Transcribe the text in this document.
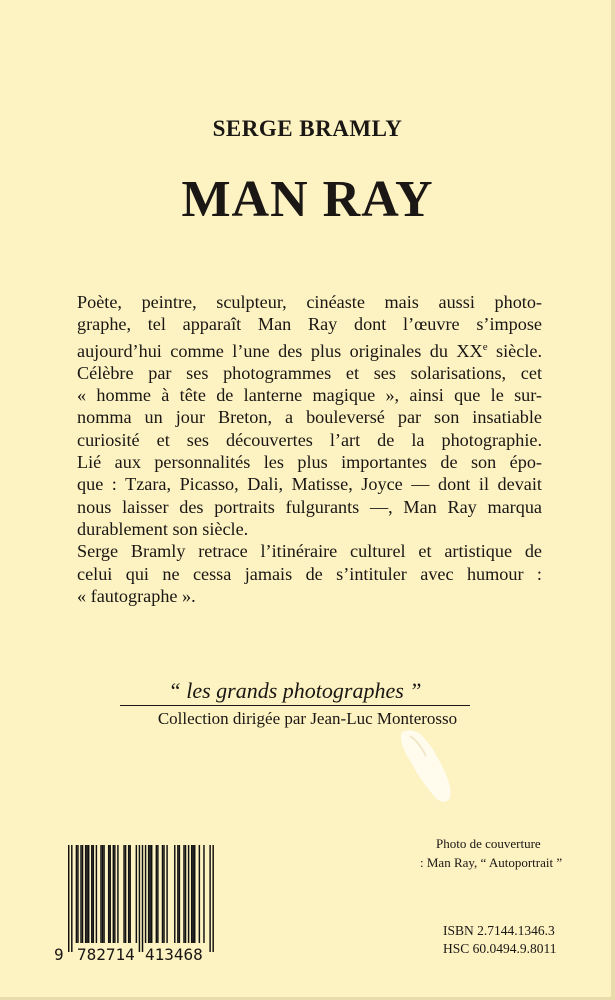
SERGE BRAMLY
MAN RAY

Poète, peintre, sculpteur, cinéaste mais aussi photo-
graphe, tel apparaît Man Ray dont l’œuvre s’impose
aujourd’hui comme l’une des plus originales du XXe siècle.

Célèbre par ses photogrammes et ses solarisations, cet
« homme à tête de lanterne magique », ainsi que le sur-
nomma un jour Breton, a bouleversé par son insatiable
curiosité et ses découvertes l’art de la photographie.

Lié aux personnalités les plus importantes de son épo-
que : Tzara, Picasso, Dali, Matisse, Joyce — dont il devait
nous laisser des portraits fulgurants —, Man Ray marqua
durablement son siècle.

Serge Bramly retrace l’itinéraire culturel et artistique de
celui qui ne cessa jamais de s’intituler avec humour :
« fautographe ».

“ les grands photographes ”
Collection dirigée par Jean-Luc Monterosso
Photo de couverture
: Man Ray, “ Autoportrait ”
9 782714 413468
ISBN 2.7144.1346.3
HSC 60.0494.9.8011
